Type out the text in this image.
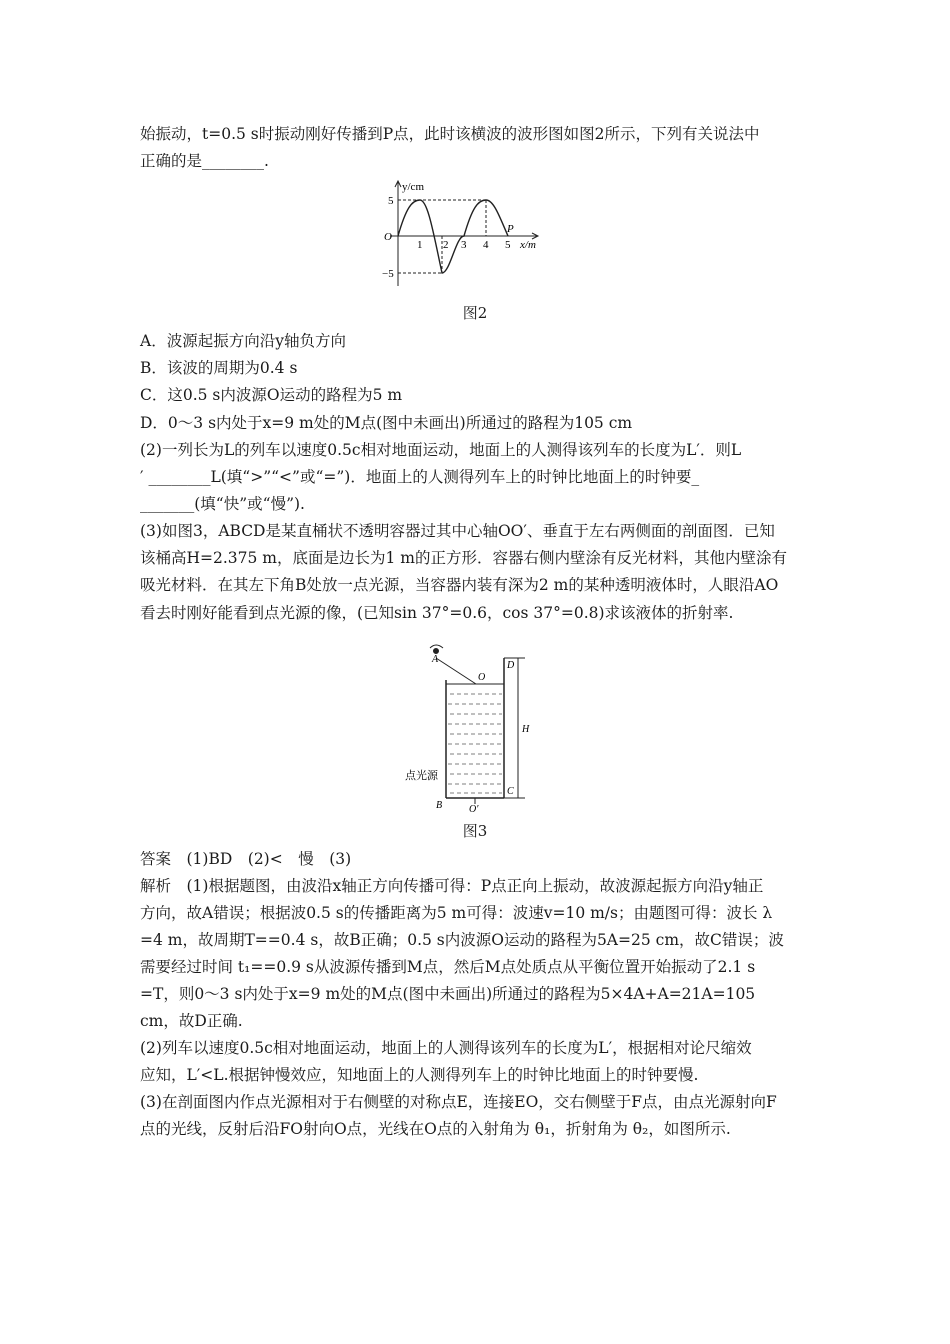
始振动，t=0.5 s时振动刚好传播到P点，此时该横波的波形图如图2所示，下列有关说法中
正确的是________.
y/cm
x/m
O
P
5
−5
1 2 3 4 5
图2
A．波源起振方向沿y轴负方向
B．该波的周期为0.4 s
C．这0.5 s内波源O运动的路程为5 m
D．0～3 s内处于x=9 m处的M点(图中未画出)所通过的路程为105 cm
(2)一列长为L的列车以速度0.5c相对地面运动，地面上的人测得该列车的长度为L′．则L
′ ________L(填“>”“<”或“=”)．地面上的人测得列车上的时钟比地面上的时钟要_
_______(填“快”或“慢”).
(3)如图3，ABCD是某直桶状不透明容器过其中心轴OO′、垂直于左右两侧面的剖面图．已知
该桶高H=2.375 m，底面是边长为1 m的正方形．容器右侧内壁涂有反光材料，其他内壁涂有
吸光材料．在其左下角B处放一点光源，当容器内装有深为2 m的某种透明液体时，人眼沿AO
看去时刚好能看到点光源的像，(已知sin 37°=0.6，cos 37°=0.8)求该液体的折射率.
A
O
D
H
C
B	O′
点光源
图3
答案　(1)BD　(2)<　慢　(3)
解析　(1)根据题图，由波沿x轴正方向传播可得：P点正向上振动，故波源起振方向沿y轴正
方向，故A错误；根据波0.5 s的传播距离为5 m可得：波速v=10 m/s；由题图可得：波长 λ
=4 m，故周期T==0.4 s，故B正确；0.5 s内波源O运动的路程为5A=25 cm，故C错误；波
需要经过时间 t₁==0.9 s从波源传播到M点，然后M点处质点从平衡位置开始振动了2.1 s
=T，则0～3 s内处于x=9 m处的M点(图中未画出)所通过的路程为5×4A+A=21A=105
cm，故D正确.
(2)列车以速度0.5c相对地面运动，地面上的人测得该列车的长度为L′，根据相对论尺缩效
应知，L′<L.根据钟慢效应，知地面上的人测得列车上的时钟比地面上的时钟要慢.
(3)在剖面图内作点光源相对于右侧壁的对称点E，连接EO，交右侧壁于F点，由点光源射向F
点的光线，反射后沿FO射向O点，光线在O点的入射角为 θ₁，折射角为 θ₂，如图所示.
